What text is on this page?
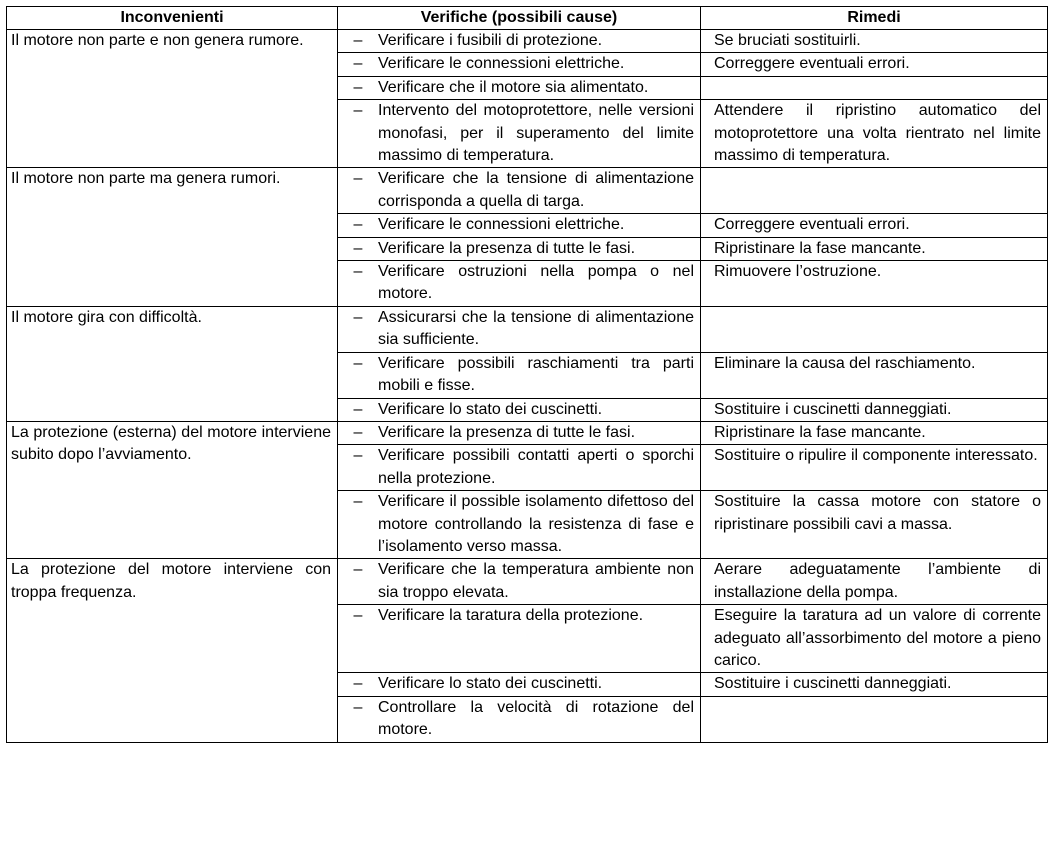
Inconvenienti	Verifiche (possibili cause)	Rimedi
Il motore non parte e non genera rumore.	– Verificare i fusibili di protezione.	Se bruciati sostituirli.

	– Verificare le connessioni elettriche.	Correggere eventuali errori.

	– Verificare che il motore sia alimentato.	

	– Intervento del motoprotettore, nelle versioni monofasi, per il superamento del limite massimo di temperatura.	Attendere il ripristino automatico del motoprotettore una volta rientrato nel limite massimo di temperatura.
Il motore non parte ma genera rumori.	– Verificare che la tensione di alimentazione corrisponda a quella di targa.	

	– Verificare le connessioni elettriche.	Correggere eventuali errori.

	– Verificare la presenza di tutte le fasi.	Ripristinare la fase mancante.

	– Verificare ostruzioni nella pompa o nel motore.	Rimuovere l’ostruzione.
Il motore gira con difficoltà.	– Assicurarsi che la tensione di alimentazione sia sufficiente.	

	– Verificare possibili raschiamenti tra parti mobili e fisse.	Eliminare la causa del raschiamento.

	– Verificare lo stato dei cuscinetti.	Sostituire i cuscinetti danneggiati.
La protezione (esterna) del motore interviene subito dopo l’avviamento.	– Verificare la presenza di tutte le fasi.	Ripristinare la fase mancante.

	– Verificare possibili contatti aperti o sporchi nella protezione.	Sostituire o ripulire il componente interessato.

	– Verificare il possible isolamento difettoso del motore controllando la resistenza di fase e l’isolamento verso massa.	Sostituire la cassa motore con statore o ripristinare possibili cavi a massa.
La protezione del motore interviene con troppa frequenza.	– Verificare che la temperatura ambiente non sia troppo elevata.	Aerare adeguatamente l’ambiente di installazione della pompa.

	– Verificare la taratura della protezione.	Eseguire la taratura ad un valore di corrente adeguato all’assorbimento del motore a pieno carico.

	– Verificare lo stato dei cuscinetti.	Sostituire i cuscinetti danneggiati.

	– Controllare la velocità di rotazione del motore.	
